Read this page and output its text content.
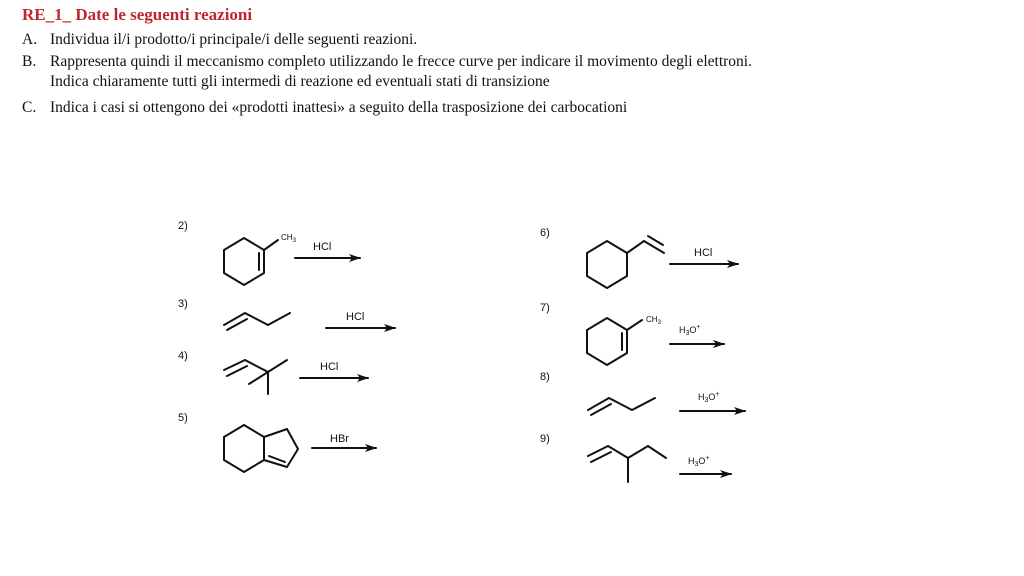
RE_1_ Date le seguenti reazioni
A. Individua il/i prodotto/i principale/i delle seguenti reazioni.
B. Rappresenta quindi il meccanismo completo utilizzando le frecce curve per indicare il movimento degli elettroni.
Indica chiaramente tutti gli intermedi di reazione ed eventuali stati di transizione
C. Indica i casi si ottengono dei «prodotti inattesi» a seguito della trasposizione dei carbocationi
2)
3)
4)
5)
6)
7)
8)
9)
HCl
HCl
HCl
HBr
HCl
$CH_3$
$CH_3$
$H_3O^+$
$H_3O^+$
$H_3O^+$
